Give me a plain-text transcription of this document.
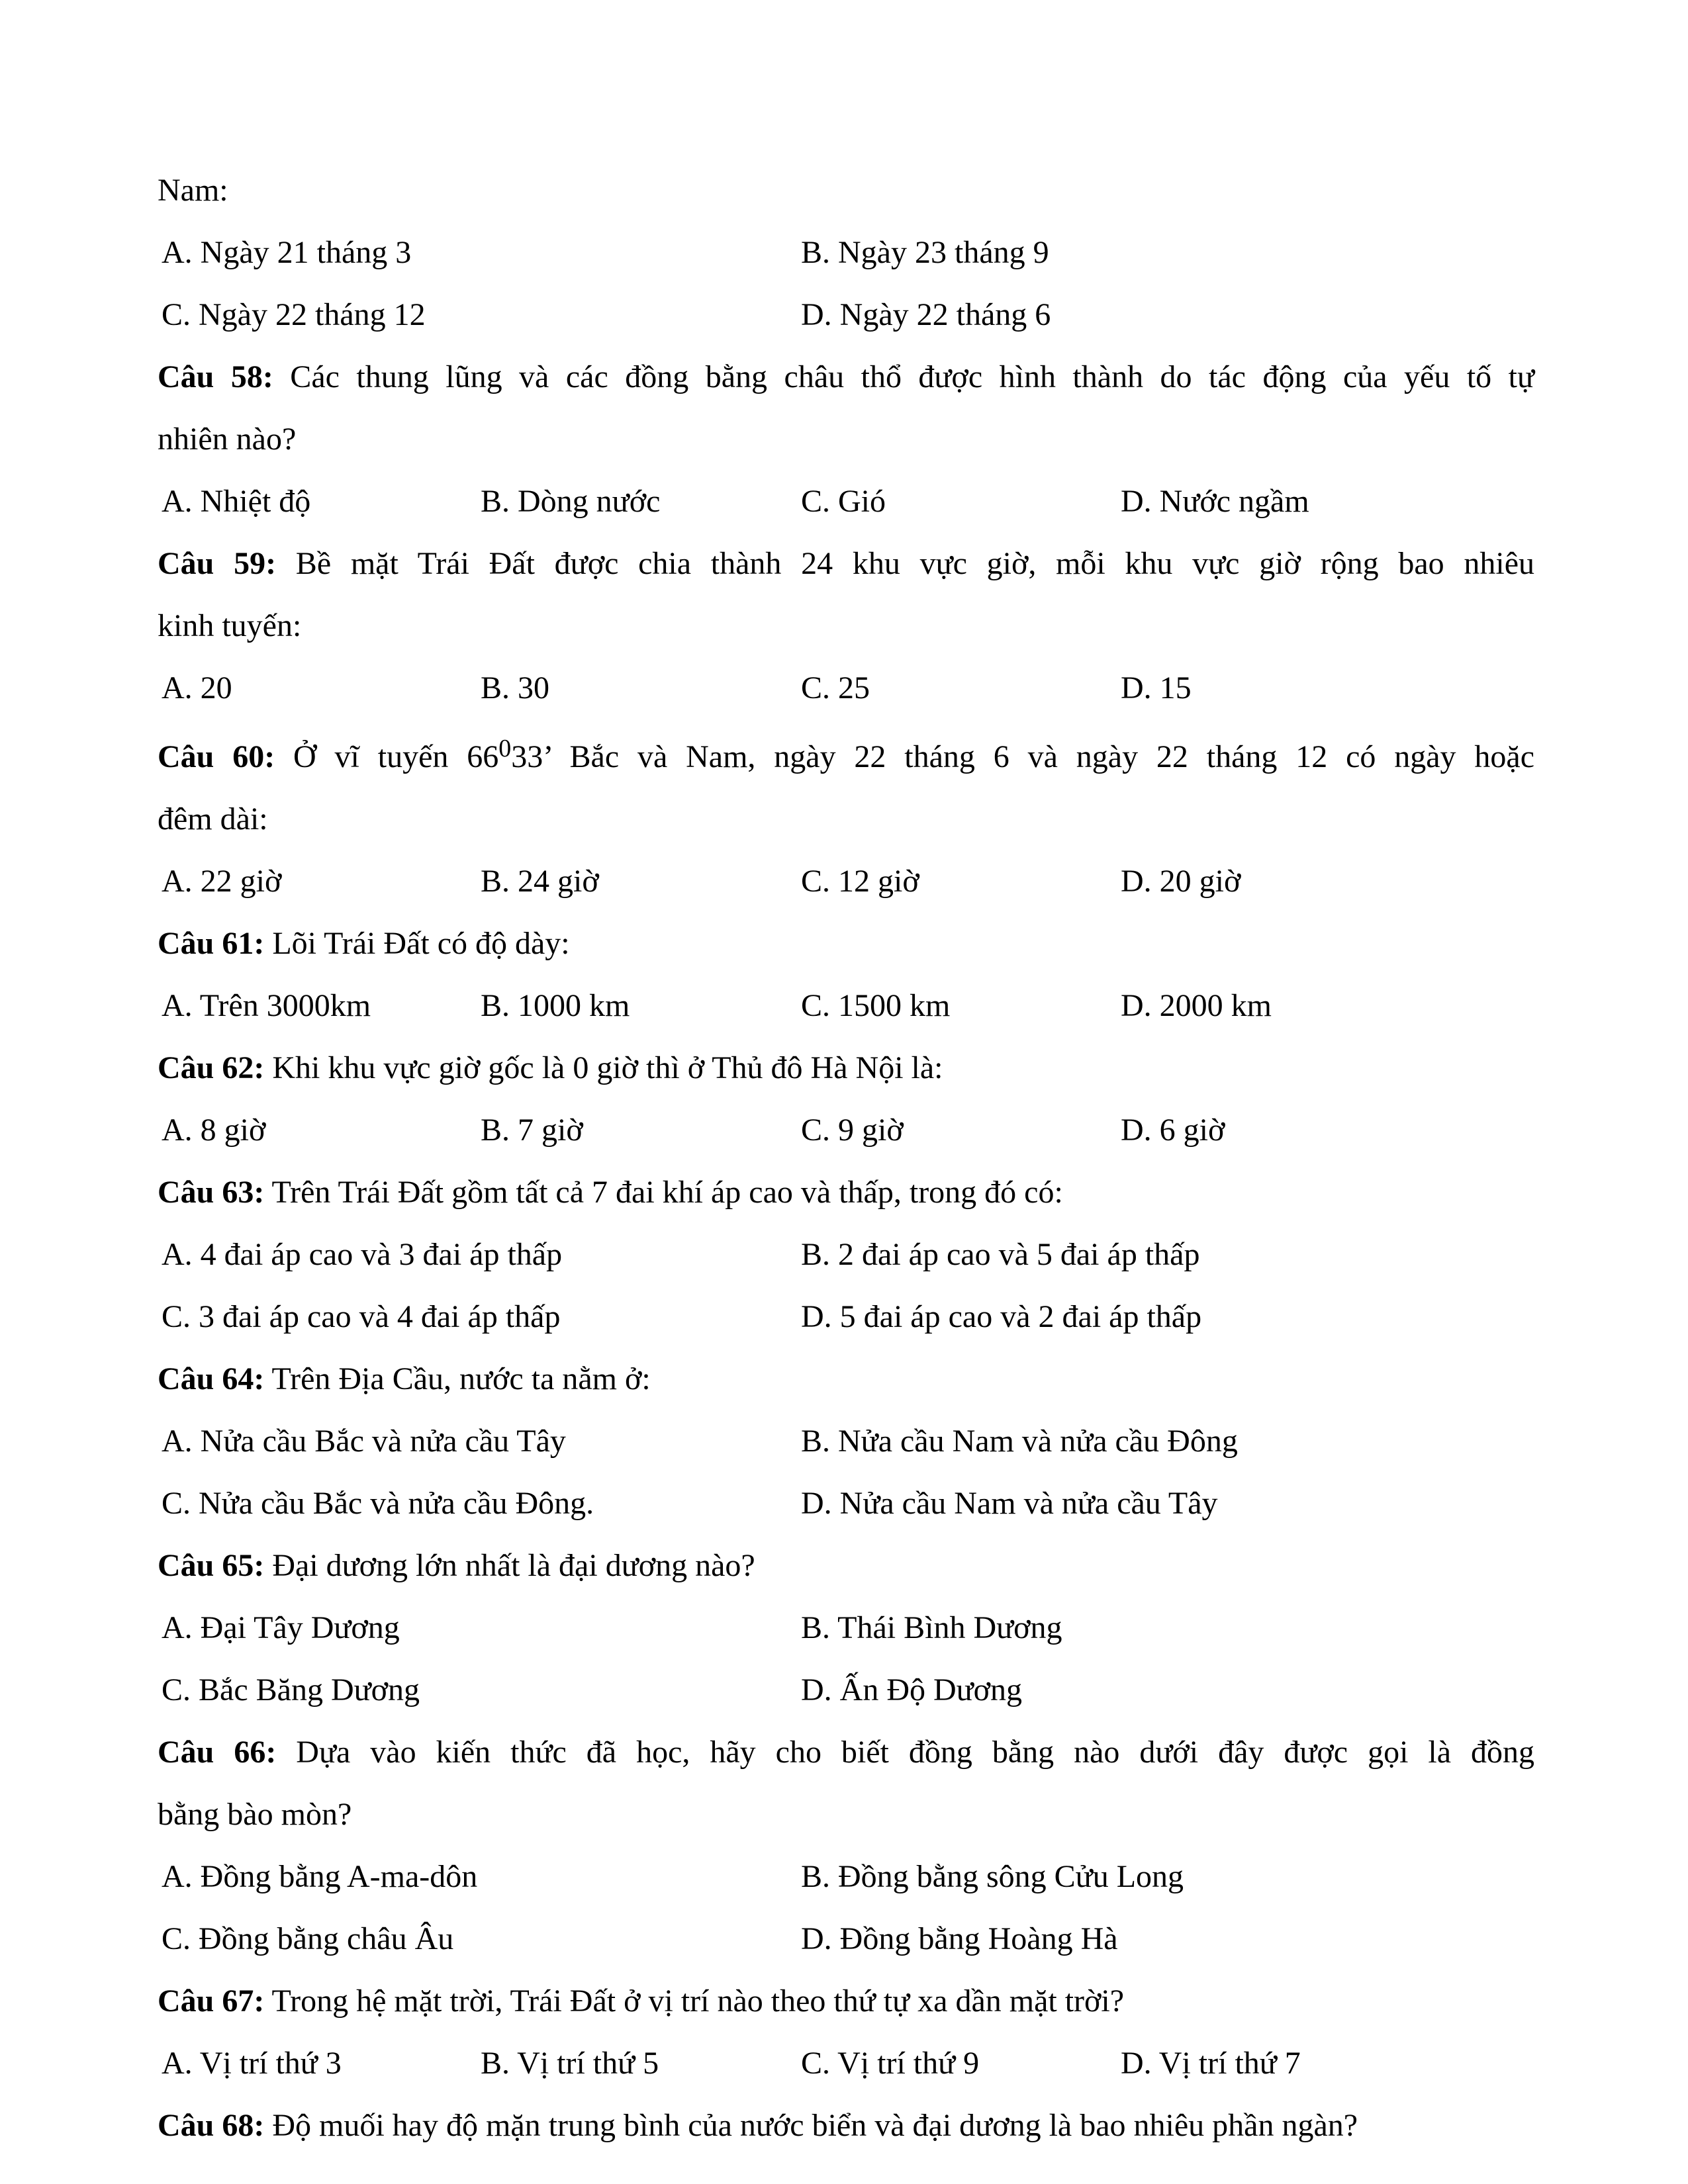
Nam:
A. Ngày 21 tháng 3	B. Ngày 23 tháng 9
C. Ngày 22 tháng 12	D. Ngày 22 tháng 6
Câu 58: Các thung lũng và các đồng bằng châu thổ được hình thành do tác động của yếu tố tự
nhiên nào?
A. Nhiệt độ	B. Dòng nước	C. Gió	D. Nước ngầm
Câu 59: Bề mặt Trái Đất được chia thành 24 khu vực giờ, mỗi khu vực giờ rộng bao nhiêu
kinh tuyến:
A. 20	B. 30	C. 25	D. 15
Câu 60: Ở vĩ tuyến $66^033$’ Bắc và Nam, ngày 22 tháng 6 và ngày 22 tháng 12 có ngày hoặc
đêm dài:
A. 22 giờ	B. 24 giờ	C. 12 giờ	D. 20 giờ
Câu 61: Lõi Trái Đất có độ dày:
A. Trên 3000km	B. 1000 km	C. 1500 km	D. 2000 km
Câu 62: Khi khu vực giờ gốc là 0 giờ thì ở Thủ đô Hà Nội là:
A. 8 giờ	B. 7 giờ	C. 9 giờ	D. 6 giờ
Câu 63: Trên Trái Đất gồm tất cả 7 đai khí áp cao và thấp, trong đó có:
A. 4 đai áp cao và 3 đai áp thấp	B. 2 đai áp cao và 5 đai áp thấp
C. 3 đai áp cao và 4 đai áp thấp	D. 5 đai áp cao và 2 đai áp thấp
Câu 64: Trên Địa Cầu, nước ta nằm ở:
A. Nửa cầu Bắc và nửa cầu Tây	B. Nửa cầu Nam và nửa cầu Đông
C. Nửa cầu Bắc và nửa cầu Đông.	D. Nửa cầu Nam và nửa cầu Tây
Câu 65: Đại dương lớn nhất là đại dương nào?
A. Đại Tây Dương	B. Thái Bình Dương
C. Bắc Băng Dương	D. Ấn Độ Dương
Câu 66: Dựa vào kiến thức đã học, hãy cho biết đồng bằng nào dưới đây được gọi là đồng
bằng bào mòn?
A. Đồng bằng A-ma-dôn	B. Đồng bằng sông Cửu Long
C. Đồng bằng châu Âu	D. Đồng bằng Hoàng Hà
Câu 67: Trong hệ mặt trời, Trái Đất ở vị trí nào theo thứ tự xa dần mặt trời?
A. Vị trí thứ 3	B. Vị trí thứ 5	C. Vị trí thứ 9	D. Vị trí thứ 7
Câu 68: Độ muối hay độ mặn trung bình của nước biển và đại dương là bao nhiêu phần ngàn?
